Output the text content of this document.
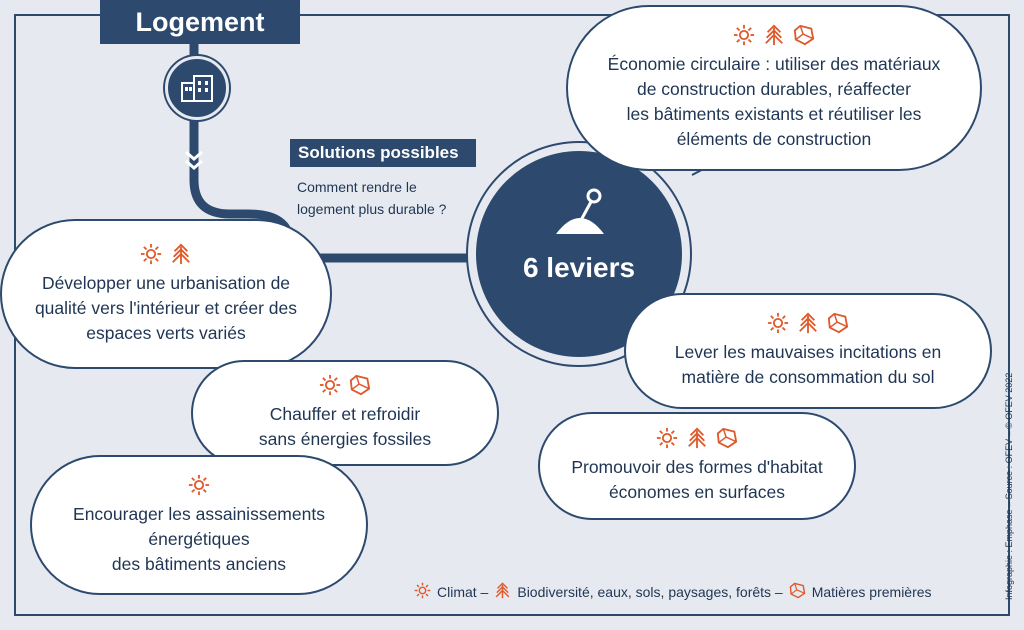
Logement
Solutions possibles
Comment rendre le logement plus durable ?
6 leviers
Économie circulaire : utiliser des matériaux
de construction durables, réaffecter
les bâtiments existants et réutiliser les
éléments de construction
Développer une urbanisation de
qualité vers l'intérieur et créer des
espaces verts variés
Lever les mauvaises incitations en
matière de consommation du sol
Chauffer et refroidir
sans énergies fossiles
Promouvoir des formes d'habitat
économes en surfaces
Encourager les assainissements
énergétiques
des bâtiments anciens
Climat – Biodiversité, eaux, sols, paysages, forêts – Matières premières	Infographie : Emphase – Source : OFEV – © OFEV 2022
